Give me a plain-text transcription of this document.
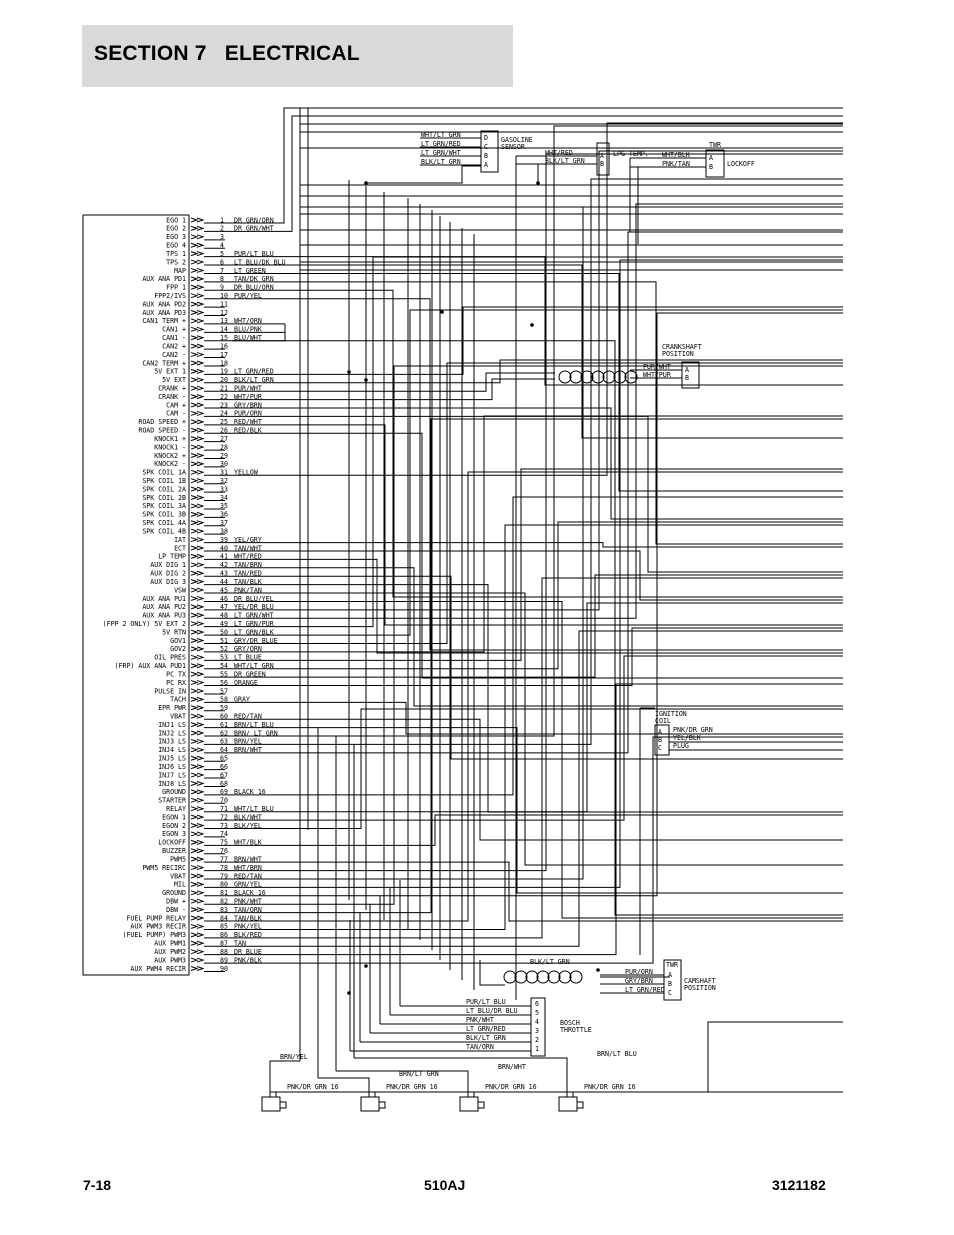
SECTION 7   ELECTRICAL
EGO 1	1 DR GRN/ORN
EGO 2	2 DR GRN/WHT
EGO 3	3
EGO 4	4
TPS 1	5 PUR/LT BLU
TPS 2	6 LT BLU/DK BLU
MAP	7 LT GREEN
AUX ANA PD1	8 TAN/DK GRN
FPP 1	9 DR BLU/ORN
FPP2/IVS	10 PUR/YEL
AUX ANA PD2	11
AUX ANA PD3	12
CAN1 TERM +	13 WHT/ORN
CAN1 +	14 BLU/PNK
CAN1 -	15 BLU/WHT
CAN2 +	16
CAN2 -	17
CAN2 TERM +	18
5V EXT 1	19 LT GRN/RED
5V EXT	20 BLK/LT GRN
CRANK +	21 PUR/WHT
CRANK -	22 WHT/PUR
CAM +	23 GRY/BRN
CAM -	24 PUR/ORN
ROAD SPEED +	25 RED/WHT
ROAD SPEED -	26 RED/BLK
KNOCK1 +	27
KNOCK1 -	28
KNOCK2 +	29
KNOCK2 -	30
SPK COIL 1A	31 YELLOW
SPK COIL 1B	32
SPK COIL 2A	33
SPK COIL 2B	34
SPK COIL 3A	35
SPK COIL 3B	36
SPK COIL 4A	37
SPK COIL 4B	38
IAT	39 YEL/GRY
ECT	40 TAN/WHT
LP TEMP	41 WHT/RED
AUX DIG 1	42 TAN/BRN
AUX DIG 2	43 TAN/RED
AUX DIG 3	44 TAN/BLK
VSW	45 PNK/TAN
AUX ANA PU1	46 DR BLU/YEL
AUX ANA PU2	47 YEL/DR BLU
AUX ANA PU3	48 LT GRN/WHT
(FPP 2 ONLY) 5V EXT 2	49 LT GRN/PUR
5V RTN	50 LT GRN/BLK
GOV1	51 GRY/DR BLUE
GOV2	52 GRY/ORN
OIL PRES	53 LT BLUE
(FRP) AUX ANA PUD1	54 WHT/LT GRN
PC TX	55 DR GREEN
PC RX	56 ORANGE
PULSE IN	57
TACH	58 GRAY
EPR PWR	59
VBAT	60 RED/TAN
INJ1 LS	61 BRN/LT BLU
INJ2 LS	62 BRN/ LT GRN
INJ3 LS	63 BRN/YEL
INJ4 LS	64 BRN/WHT
INJ5 LS	65
INJ6 LS	66
INJ7 LS	67
INJ8 LS	68
GROUND	69 BLACK 16
STARTER	70
RELAY	71 WHT/LT BLU
EGON 1	72 BLK/WHT
EGON 2	73 BLK/YEL
EGON 3	74
LOCKOFF	75 WHT/BLK
BUZZER	76
PWM5	77 BRN/WHT
PWM5 RECIRC	78 WHT/BRN
VBAT	79 RED/TAN
MIL	80 GRN/YEL
GROUND	81 BLACK 16
DBW +	82 PNK/WHT
DBW -	83 TAN/ORN
FUEL PUMP RELAY	84 TAN/BLK
AUX PWM3 RECIR	85 PNK/YEL
(FUEL PUMP) PWM3	86 BLK/RED
AUX PWM1	87 TAN
AUX PWM2	88 DR BLUE
AUX PWM3	89 PNK/BLK
AUX PWM4 RECIR	90
D
WHT/LT GRN
C
LT GRN/RED
B
LT GRN/WHT
A
BLK/LT GRN
GASOLINE
SENSOR
A
WHT/RED
B
BLK/LT GRN
LPG TEMP.
TWR
A
WHT/BLK
B
PNK/TAN	LOCKOFF
CRANKSHAFT
POSITION
A
PUR/WHT
B
WHT/PUR
IGNITION
COIL
A PNK/DR GRN
B YEL/BLK
C PLUG
TWR
A
PUR/ORN
B
GRY/BRN
C
LT GRN/RED
CAMSHAFT
POSITION
BLK/LT GRN
6
PUR/LT BLU
5
LT BLU/DR BLU
4
PNK/WHT
3
LT GRN/RED
2
BLK/LT GRN
1
TAN/ORN
BOSCH
THROTTLE
PNK/DR GRN 16
BRN/YEL
PNK/DR GRN 16
BRN/LT GRN
PNK/DR GRN 16
BRN/WHT
PNK/DR GRN 16
BRN/LT BLU
7-18	510AJ	3121182
